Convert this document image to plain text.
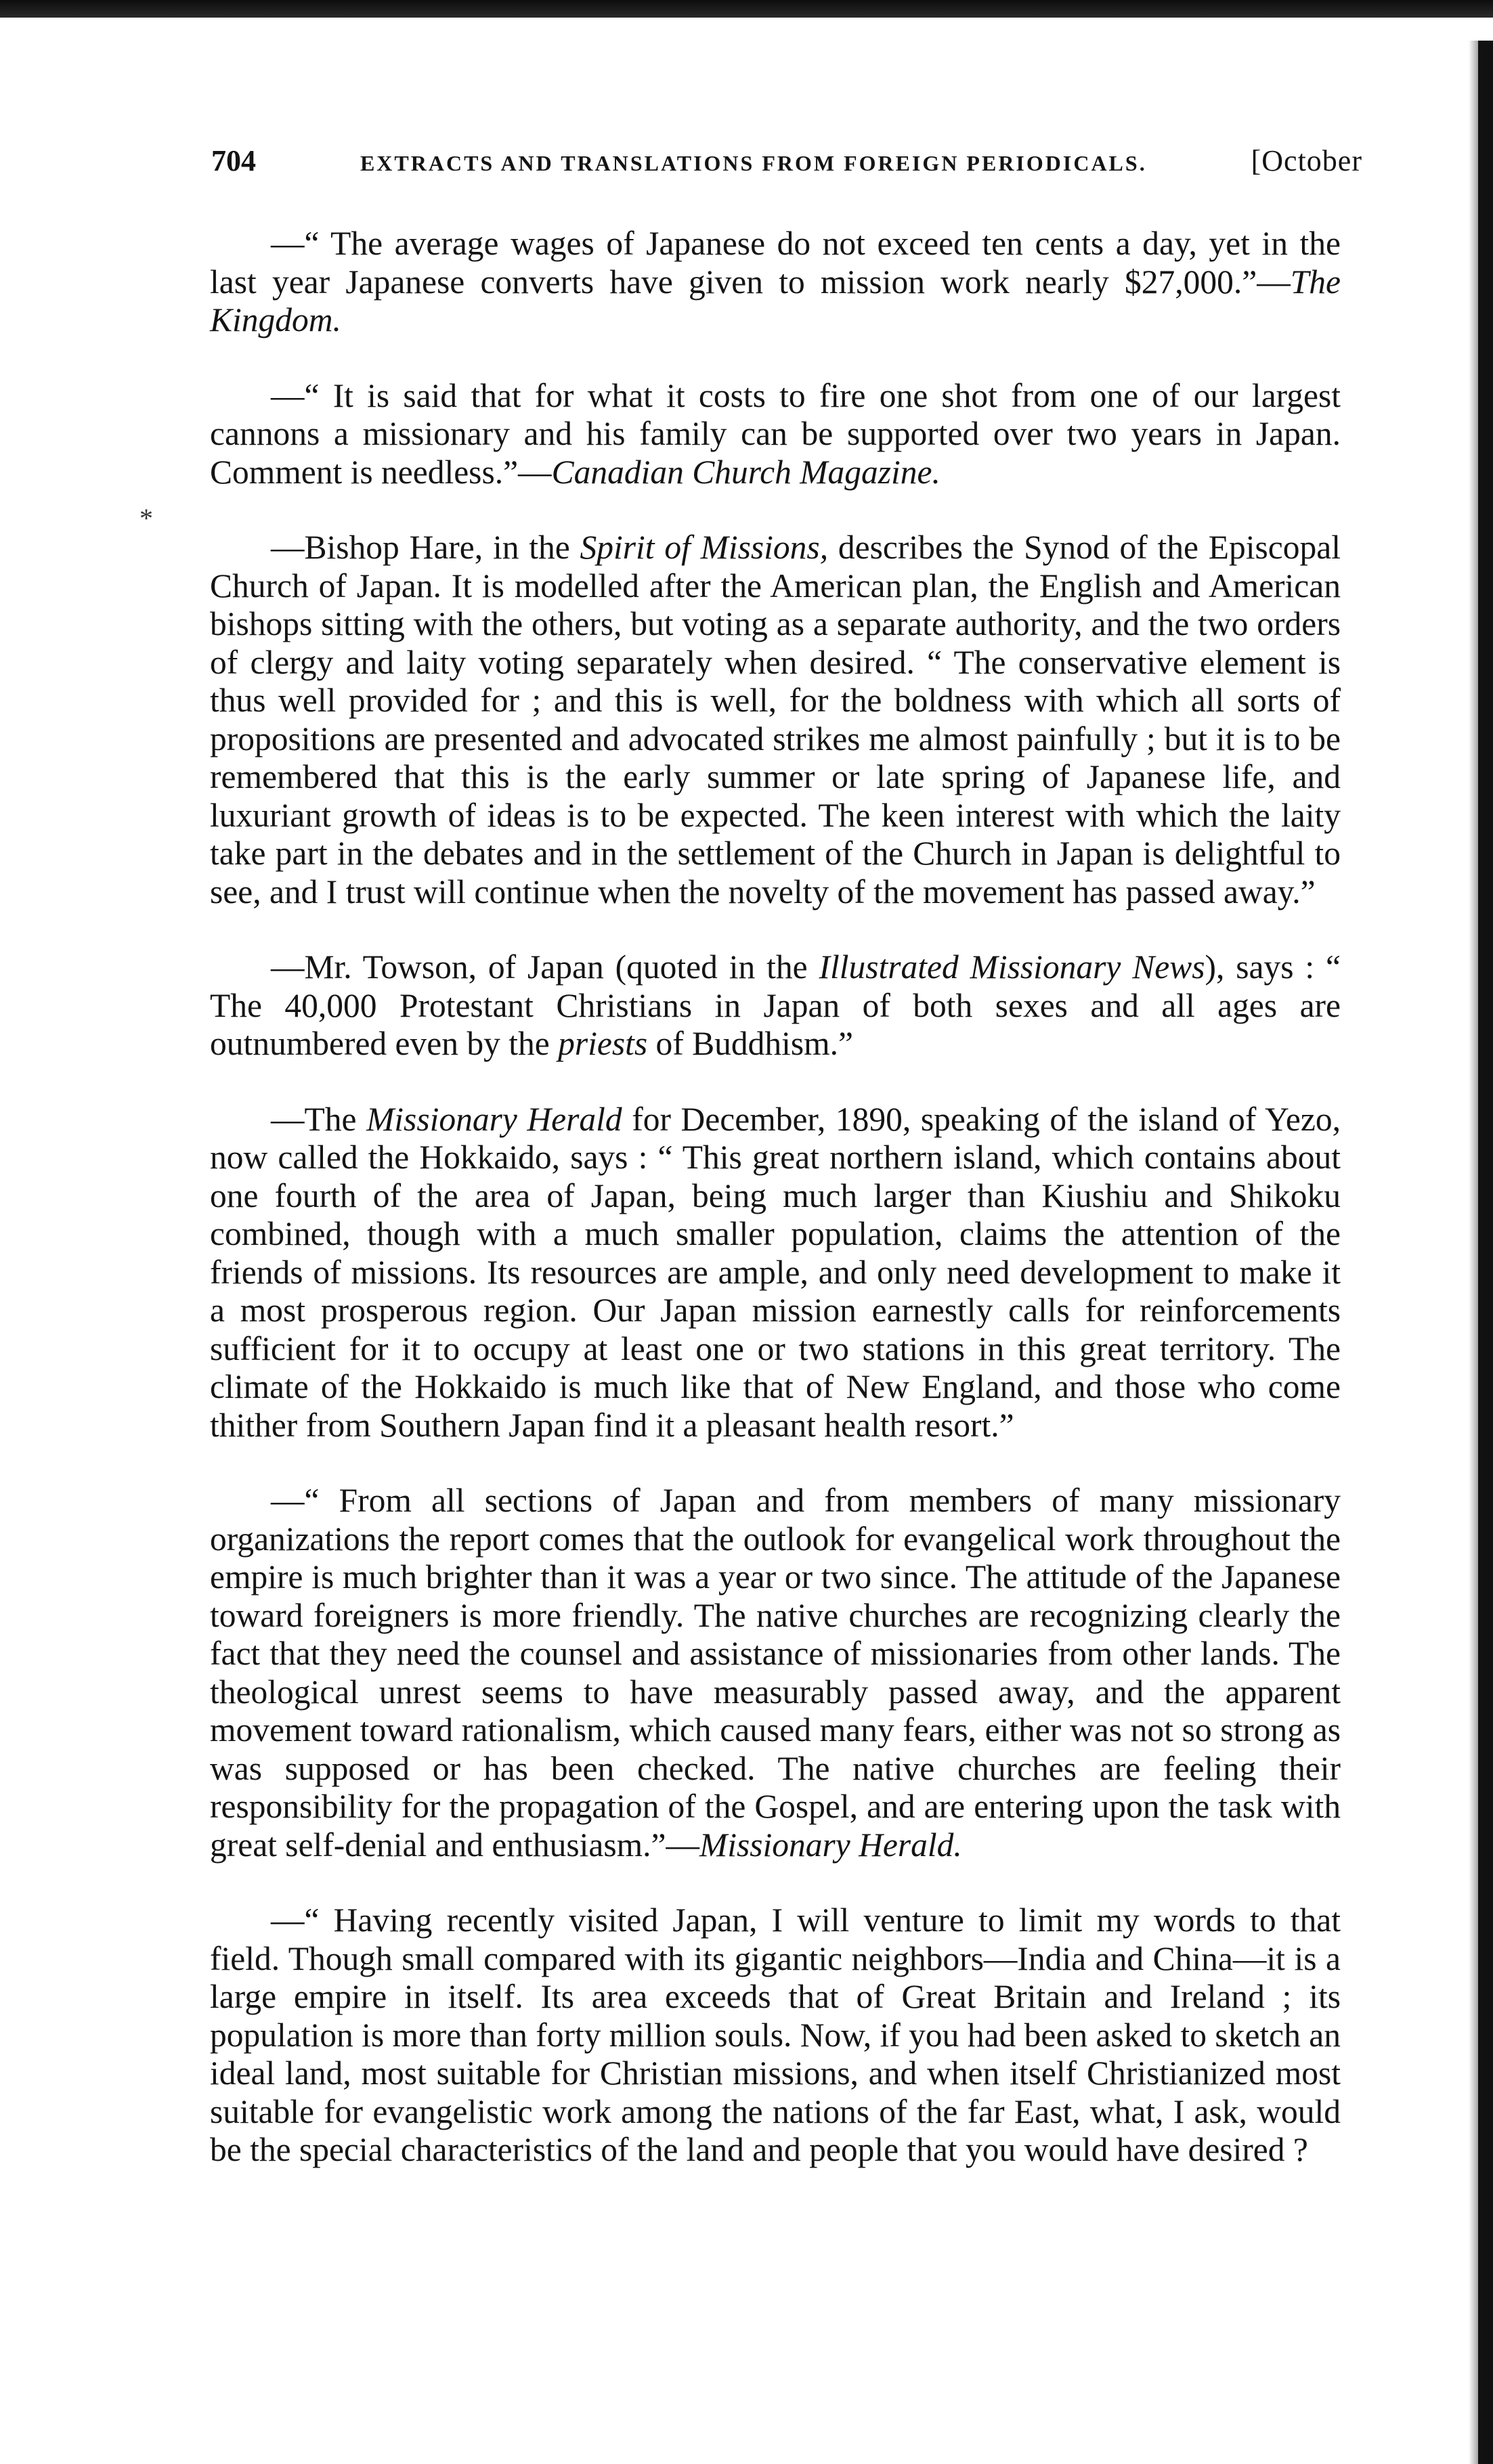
704	EXTRACTS AND TRANSLATIONS FROM FOREIGN PERIODICALS.	[October
*

—“ The average wages of Japanese do not exceed ten cents a day, yet in the last year Japanese converts have given to mission work nearly $27,000.”—The Kingdom.

—“ It is said that for what it costs to fire one shot from one of our largest cannons a missionary and his family can be supported over two years in Japan. Comment is needless.”—Canadian Church Magazine.

—Bishop Hare, in the Spirit of Missions, describes the Synod of the Episcopal Church of Japan. It is modelled after the American plan, the English and American bishops sitting with the others, but voting as a separate authority, and the two orders of clergy and laity voting separately when desired. “ The conservative element is thus well provided for ; and this is well, for the boldness with which all sorts of propositions are presented and advocated strikes me almost painfully ; but it is to be remembered that this is the early summer or late spring of Japanese life, and luxuriant growth of ideas is to be expected. The keen interest with which the laity take part in the debates and in the settlement of the Church in Japan is delightful to see, and I trust will continue when the novelty of the movement has passed away.”

—Mr. Towson, of Japan (quoted in the Illustrated Missionary News), says : “ The 40,000 Protestant Christians in Japan of both sexes and all ages are outnumbered even by the priests of Buddhism.”

—The Missionary Herald for December, 1890, speaking of the island of Yezo, now called the Hokkaido, says : “ This great northern island, which contains about one fourth of the area of Japan, being much larger than Kiushiu and Shikoku combined, though with a much smaller population, claims the attention of the friends of missions. Its resources are ample, and only need development to make it a most prosperous region. Our Japan mission earnestly calls for reinforcements sufficient for it to occupy at least one or two stations in this great territory. The climate of the Hokkaido is much like that of New England, and those who come thither from Southern Japan find it a pleasant health resort.”

—“ From all sections of Japan and from members of many missionary organizations the report comes that the outlook for evangelical work throughout the empire is much brighter than it was a year or two since. The attitude of the Japanese toward foreigners is more friendly. The native churches are recognizing clearly the fact that they need the counsel and assistance of missionaries from other lands. The theological unrest seems to have measurably passed away, and the apparent movement toward rationalism, which caused many fears, either was not so strong as was supposed or has been checked. The native churches are feeling their responsibility for the propagation of the Gospel, and are entering upon the task with great self-denial and enthusiasm.”—Missionary Herald.

—“ Having recently visited Japan, I will venture to limit my words to that field. Though small compared with its gigantic neighbors—India and China—it is a large empire in itself. Its area exceeds that of Great Britain and Ireland ; its population is more than forty million souls. Now, if you had been asked to sketch an ideal land, most suitable for Christian missions, and when itself Christianized most suitable for evangelistic work among the nations of the far East, what, I ask, would be the special characteristics of the land and people that you would have desired ?
